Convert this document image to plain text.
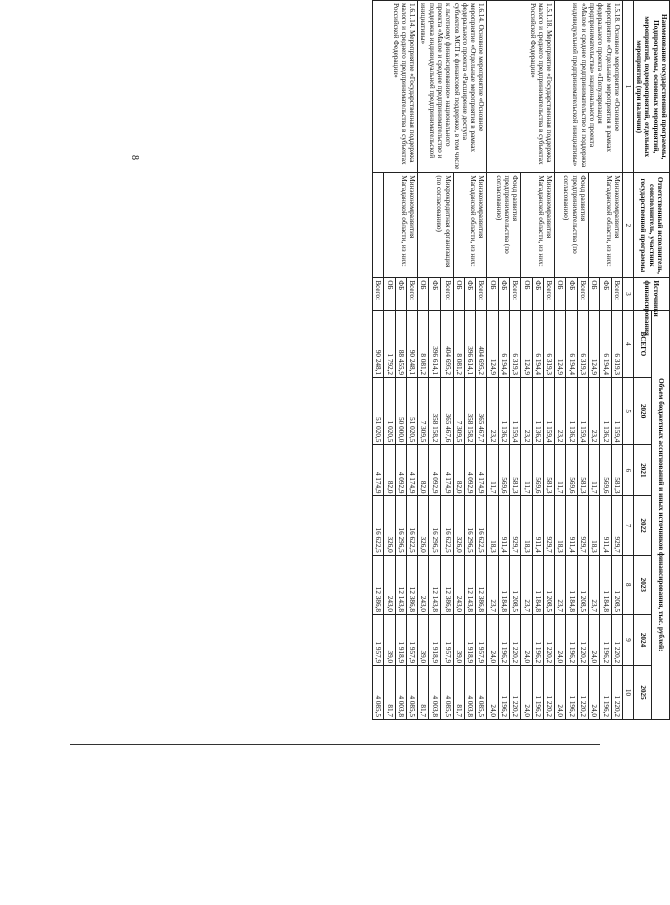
8	Наименование государственной программы, Подпрограммы, основных мероприятий, мероприятий, подмероприятий, отдельных мероприятий (при наличии)	Ответственный исполнитель, соисполнитель, участник государственной программы	Источники финансирования	Объем бюджетных ассигнований и иных источников финансирования, тыс. рублей:						
			ВСЕГО	2020	2021	2022	2023	2024	2025
1	2	3	4	5	6	7	8	9	10
1.5.18. Основное мероприятие «Основное мероприятие «Отдельные мероприятия в рамках федерального проекта «Популяризация предпринимательства» национального проекта «Малое и среднее предпринимательство и поддержка индивидуальной предпринимательской инициативы»	Минэкономразвития Магаданской области, из них:	Всего:	6 319,3	1 159,4	581,3	929,7	1 208,5	1 220,2	1 220,2
		ФБ	6 194,4	1 136,2	569,6	911,4	1 184,8	1 196,2	1 196,2
		ОБ	124,9	23,2	11,7	18,3	23,7	24,0	24,0
	Фонд развития предпринимательства (по согласованию)	Всего:	6 319,3	1 159,4	581,3	929,7	1 208,5	1 220,2	1 220,2
		ФБ	6 194,4	1 136,2	569,6	911,4	1 184,8	1 196,2	1 196,2
		ОБ	124,9	23,2	11,7	18,3	23,7	24,0	24,0
1.5.1.18. Мероприятие «Государственная поддержка малого и среднего предпринимательства в субъектах Российской Федерации»	Минэкономразвития Магаданской области, из них:	Всего:	6 319,3	1 159,4	581,3	929,7	1 208,5	1 220,2	1 220,2
		ФБ	6 194,4	1 136,2	569,6	911,4	1 184,8	1 196,2	1 196,2
		ОБ	124,9	23,2	11,7	18,3	23,7	24,0	24,0
	Фонд развития предпринимательства (по согласованию)	Всего:	6 319,3	1 159,4	581,3	929,7	1 208,5	1 220,2	1 220,2
		ФБ	6 194,4	1 136,2	569,6	911,4	1 184,8	1 196,2	1 196,2
		ОБ	124,9	23,2	11,7	18,3	23,7	24,0	24,0
1.6.14. Основное мероприятие «Основное мероприятие «Отдельные мероприятия в рамках федерального проекта «Расширение доступа субъектов МСП к финансовой поддержке, в том числе к льготному финансированию» национального проекта «Малое и среднее предпринимательство и поддержка индивидуальной предпринимательской инициативы»	Минэкономразвития Магаданской области, из них:	Всего:	404 695,2	365 467,7	4 174,9	16 622,5	12 386,8	1 957,9	4 085,5
		ФБ	396 614,1	358 158,2	4 092,9	16 296,5	12 143,8	1 918,9	4 003,8
		ОБ	8 081,2	7 309,5	82,0	326,0	243,0	39,0	81,7
	Микрокредитная организация (по согласованию)	Всего:	404 695,2	365 467,6	4 174,9	16 622,5	12 386,8	1 957,9	4 085,5
		ФБ	396 614,1	358 158,2	4 092,9	16 296,5	12 143,8	1 918,9	4 003,8
		ОБ	8 081,2	7 309,5	82,0	326,0	243,0	39,0	81,7
1.6.1.14. Мероприятие «Государственная поддержка малого и среднего предпринимательства в субъектах Российской Федерации»	Минэкономразвития Магаданской области, из них:	Всего:	90 248,1	51 020,5	4 174,9	16 622,5	12 386,8	1 957,9	4 085,5
		ФБ	88 455,9	50 000,0	4 092,9	16 296,5	12 143,8	1 918,9	4 003,8
		ОБ	1 792,2	1 020,5	82,0	326,0	243,0	39,0	81,7
		Всего:	90 248,1	51 020,5	4 174,9	16 622,5	12 386,8	1 957,9	4 085,5
